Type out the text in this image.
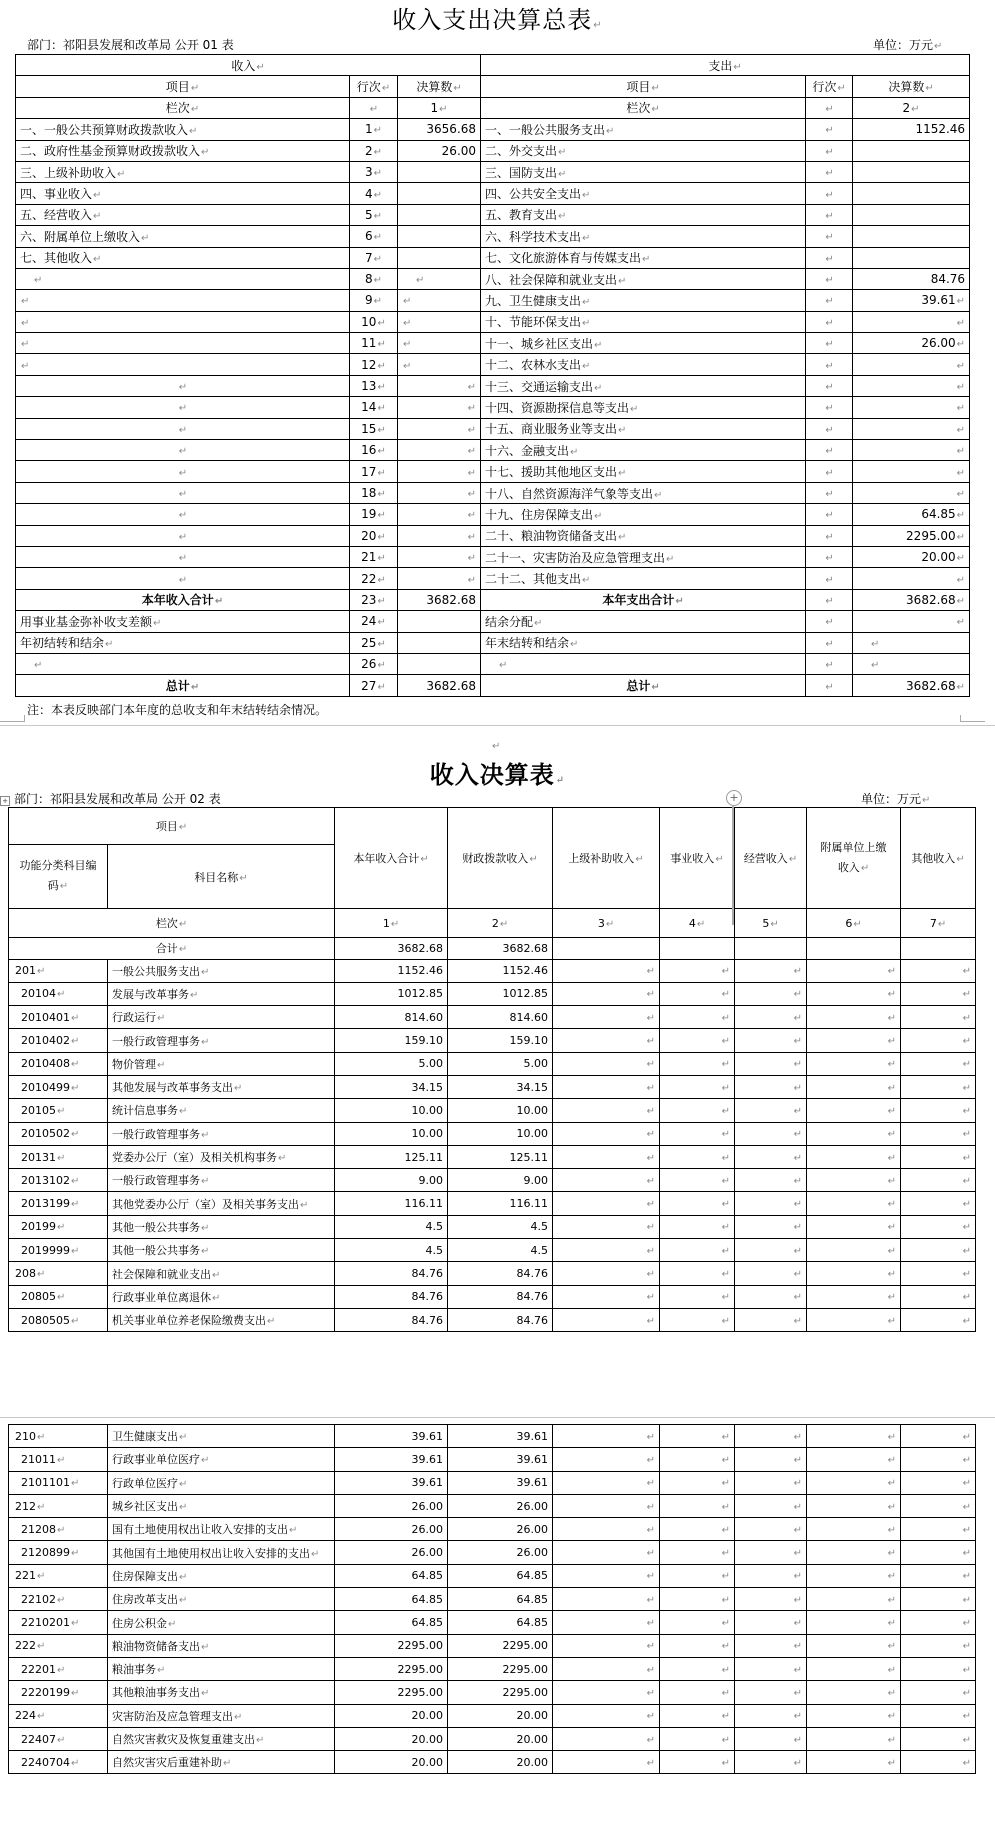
收入支出决算总表↵
部门：祁阳县发展和改革局 公开 01 表	单位：万元↵
收入↵			支出↵		
项目↵	行次↵	决算数↵	项目↵	行次↵	决算数↵
栏次↵	↵	1↵	栏次↵	↵	2↵
一、一般公共预算财政拨款收入↵	1↵	3656.68	一、一般公共服务支出↵	↵	1152.46
二、政府性基金预算财政拨款收入↵	2↵	26.00	二、外交支出↵	↵	
三、上级补助收入↵	3↵		三、国防支出↵	↵	
四、事业收入↵	4↵		四、公共安全支出↵	↵	
五、经营收入↵	5↵		五、教育支出↵	↵	
六、附属单位上缴收入↵	6↵		六、科学技术支出↵	↵	
七、其他收入↵	7↵		七、文化旅游体育与传媒支出↵	↵	
↵	8↵	↵	八、社会保障和就业支出↵	↵	84.76
↵	9↵	↵	九、卫生健康支出↵	↵	39.61↵
↵	10↵	↵	十、节能环保支出↵	↵	↵
↵	11↵	↵	十一、城乡社区支出↵	↵	26.00↵
↵	12↵	↵	十二、农林水支出↵	↵	↵
↵	13↵	↵	十三、交通运输支出↵	↵	↵
↵	14↵	↵	十四、资源勘探信息等支出↵	↵	↵
↵	15↵	↵	十五、商业服务业等支出↵	↵	↵
↵	16↵	↵	十六、金融支出↵	↵	↵
↵	17↵	↵	十七、援助其他地区支出↵	↵	↵
↵	18↵	↵	十八、自然资源海洋气象等支出↵	↵	↵
↵	19↵	↵	十九、住房保障支出↵	↵	64.85↵
↵	20↵	↵	二十、粮油物资储备支出↵	↵	2295.00↵
↵	21↵	↵	二十一、灾害防治及应急管理支出↵	↵	20.00↵
↵	22↵	↵	二十二、其他支出↵	↵	↵
本年收入合计↵	23↵	3682.68	本年支出合计↵	↵	3682.68↵
用事业基金弥补收支差额↵	24↵		结余分配↵	↵	↵
年初结转和结余↵	25↵		年末结转和结余↵	↵	↵
↵	26↵		↵	↵	↵
总计↵	27↵	3682.68	总计↵	↵	3682.68↵
注：本表反映部门本年度的总收支和年末结转结余情况。
↵
收入决算表↵
+ 部门：祁阳县发展和改革局 公开 02 表	单位：万元↵
+
项目↵		本年收入合计↵	财政拨款收入↵	上级补助收入↵	事业收入↵	经营收入↵	附属单位上缴收入↵	其他收入↵
功能分类科目编码↵	科目名称↵							
栏次↵		1↵	2↵	3↵	4↵	5↵	6↵	7↵
合计↵		3682.68	3682.68					
201↵	一般公共服务支出↵	1152.46	1152.46	↵	↵	↵	↵	↵
20104↵	发展与改革事务↵	1012.85	1012.85	↵	↵	↵	↵	↵
2010401↵	行政运行↵	814.60	814.60	↵	↵	↵	↵	↵
2010402↵	一般行政管理事务↵	159.10	159.10	↵	↵	↵	↵	↵
2010408↵	物价管理↵	5.00	5.00	↵	↵	↵	↵	↵
2010499↵	其他发展与改革事务支出↵	34.15	34.15	↵	↵	↵	↵	↵
20105↵	统计信息事务↵	10.00	10.00	↵	↵	↵	↵	↵
2010502↵	一般行政管理事务↵	10.00	10.00	↵	↵	↵	↵	↵
20131↵	党委办公厅（室）及相关机构事务↵	125.11	125.11	↵	↵	↵	↵	↵
2013102↵	一般行政管理事务↵	9.00	9.00	↵	↵	↵	↵	↵
2013199↵	其他党委办公厅（室）及相关事务支出↵	116.11	116.11	↵	↵	↵	↵	↵
20199↵	其他一般公共事务↵	4.5	4.5	↵	↵	↵	↵	↵
2019999↵	其他一般公共事务↵	4.5	4.5	↵	↵	↵	↵	↵
208↵	社会保障和就业支出↵	84.76	84.76	↵	↵	↵	↵	↵
20805↵	行政事业单位离退休↵	84.76	84.76	↵	↵	↵	↵	↵
2080505↵	机关事业单位养老保险缴费支出↵	84.76	84.76	↵	↵	↵	↵	↵
210↵	卫生健康支出↵	39.61	39.61	↵	↵	↵	↵	↵
21011↵	行政事业单位医疗↵	39.61	39.61	↵	↵	↵	↵	↵
2101101↵	行政单位医疗↵	39.61	39.61	↵	↵	↵	↵	↵
212↵	城乡社区支出↵	26.00	26.00	↵	↵	↵	↵	↵
21208↵	国有土地使用权出让收入安排的支出↵	26.00	26.00	↵	↵	↵	↵	↵
2120899↵	其他国有土地使用权出让收入安排的支出↵	26.00	26.00	↵	↵	↵	↵	↵
221↵	住房保障支出↵	64.85	64.85	↵	↵	↵	↵	↵
22102↵	住房改革支出↵	64.85	64.85	↵	↵	↵	↵	↵
2210201↵	住房公积金↵	64.85	64.85	↵	↵	↵	↵	↵
222↵	粮油物资储备支出↵	2295.00	2295.00	↵	↵	↵	↵	↵
22201↵	粮油事务↵	2295.00	2295.00	↵	↵	↵	↵	↵
2220199↵	其他粮油事务支出↵	2295.00	2295.00	↵	↵	↵	↵	↵
224↵	灾害防治及应急管理支出↵	20.00	20.00	↵	↵	↵	↵	↵
22407↵	自然灾害救灾及恢复重建支出↵	20.00	20.00	↵	↵	↵	↵	↵
2240704↵	自然灾害灾后重建补助↵	20.00	20.00	↵	↵	↵	↵	↵
